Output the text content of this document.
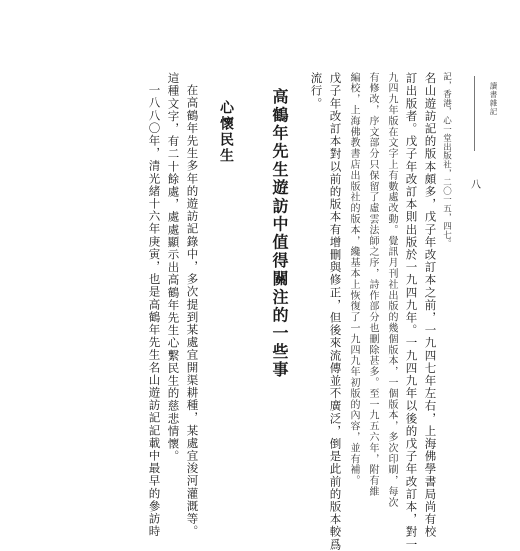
讀書雜記
八
記，香港，心一堂出版社，二〇一五，四七。
名山遊訪記的版本頗多，戊子年改訂本之前，一九四七年左右，上海佛學書局尚有校
訂出版者。戊子年改訂本則出版於一九四九年。一九四九年以後的戊子年改訂本，對一
九四九年版在文字上有數處改動。覺訊月刊社出版的幾個版本，一個版本，多次印刷，每次
有修改，序文部分只保留了虛雲法師之序，詩作部分也刪除甚多。至一九五六年，附有維
編校，上海佛教書店出版社的版本，纔基本上恢復了一九四九年初版的內容，並有補。
戊子年改訂本對以前的版本有增刪與修正，但後來流傳並不廣泛，倒是此前的版本較爲
流行。
高鶴年先生遊訪中值得關注的一些事
心懷民生
在高鶴年先生多年的遊訪記錄中，多次提到某處宜開渠耕種，某處宜浚河灌溉等。
這種文字，有二十餘處，處處顯示出高鶴年先生心繫民生的慈悲情懷。
一八八〇年，清光緒十六年庚寅，也是高鶴年先生名山遊訪記記載中最早的參訪時
